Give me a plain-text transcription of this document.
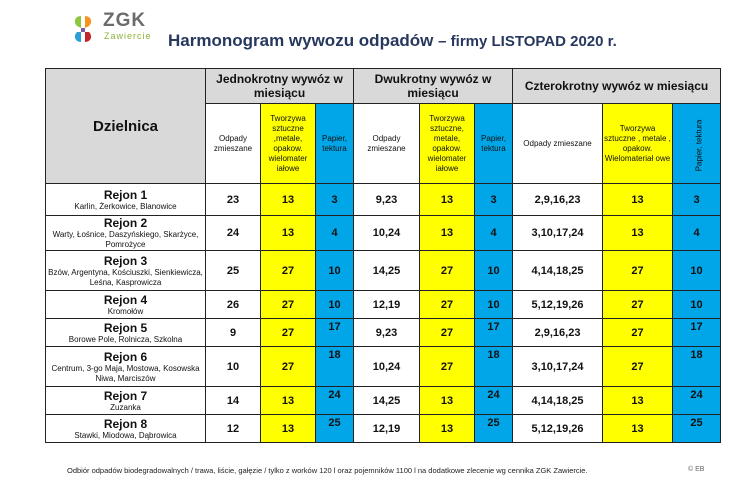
ZGK
Zawiercie Harmonogram wywozu odpadów – firmy LISTOPAD 2020 r.
Dzielnica	Jednokrotny wywóz w miesiącu			Dwukrotny wywóz w miesiącu			Czterokrotny wywóz w miesiącu		
	Odpady zmieszane	Tworzywa sztuczne ,metale, opakow. wielomater iałowe	Papier, tektura	Odpady zmieszane	Tworzywa sztuczne, metale, opakow. wielomater iałowe	Papier, tektura	Odpady zmieszane	Tworzywa sztuczne , metale , opakow. Wielomateriał owe	Papier, tektura

Rejon 1
Karlin, Żerkowice, Blanowice	23	13	3	9,23	13	3	2,9,16,23	13	3

Rejon 2
Warty, Łośnice, Daszyńskiego, Skarżyce, Pomrożyce	24	13	4	10,24	13	4	3,10,17,24	13	4

Rejon 3
Bzów, Argentyna, Kościuszki, Sienkiewicza, Leśna, Kasprowicza	25	27	10	14,25	27	10	4,14,18,25	27	10

Rejon 4
Kromołów	26	27	10	12,19	27	10	5,12,19,26	27	10

Rejon 5
Borowe Pole, Rolnicza, Szkolna	9	27	17	9,23	27	17	2,9,16,23	27	17

Rejon 6
Centrum, 3-go Maja, Mostowa, Kosowska Niwa, Marciszów	10	27	18	10,24	27	18	3,10,17,24	27	18

Rejon 7
Zuzanka	14	13	24	14,25	13	24	4,14,18,25	13	24

Rejon 8
Stawki, Miodowa, Dąbrowica	12	13	25	12,19	13	25	5,12,19,26	13	25
Odbiór odpadów biodegradowalnych / trawa, liście, gałęzie / tylko z worków 120 l oraz pojemników 1100 l na dodatkowe zlecenie wg cennika ZGK Zawiercie.	© EB
